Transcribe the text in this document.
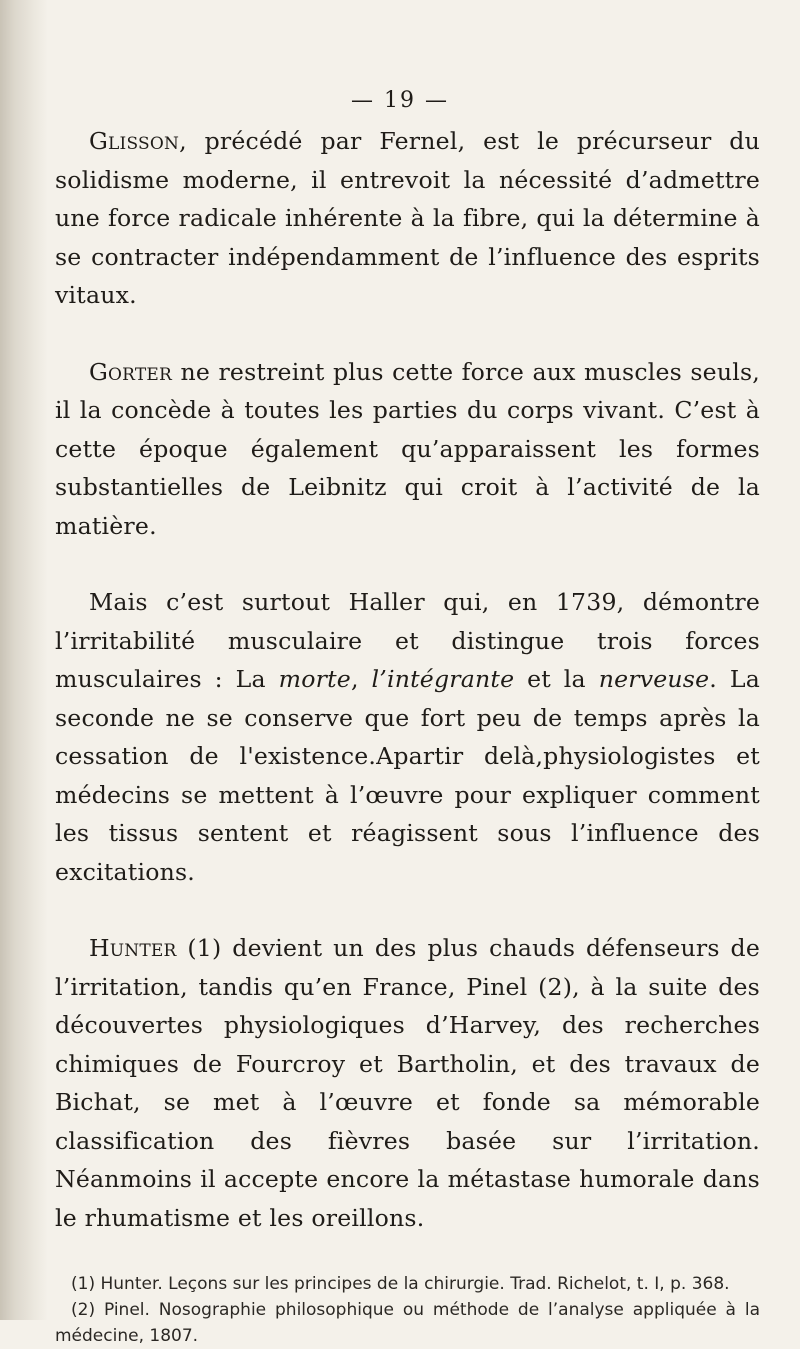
— 19 —

Glisson, précédé par Fernel, est le précurseur du solidisme moderne, il entrevoit la nécessité d’admettre une force radicale inhérente à la fibre, qui la détermine à se contracter indépendamment de l’influence des esprits vitaux.

Gorter ne restreint plus cette force aux muscles seuls, il la concède à toutes les parties du corps vivant. C’est à cette époque également qu’apparaissent les formes substantielles de Leibnitz qui croit à l’activité de la matière.

Mais c’est surtout Haller qui, en 1739, démontre l’irritabilité musculaire et distingue trois forces musculaires : La morte, l’intégrante et la nerveuse. La seconde ne se conserve que fort peu de temps après la cessation de l'existence.Apartir delà,physiologistes et médecins se mettent à l’œuvre pour expliquer comment les tissus sentent et réagissent sous l’influence des excitations.

Hunter (1) devient un des plus chauds défenseurs de l’irritation, tandis qu’en France, Pinel (2), à la suite des découvertes physiologiques d’Harvey, des recherches chimiques de Fourcroy et Bartholin, et des travaux de Bichat, se met à l’œuvre et fonde sa mémorable classification des fièvres basée sur l’irritation. Néanmoins il accepte encore la métastase humorale dans le rhumatisme et les oreillons.

(1) Hunter. Leçons sur les principes de la chirurgie. Trad. Richelot, t. I, p. 368.

(2) Pinel. Nosographie philosophique ou méthode de l’analyse appliquée à la médecine, 1807.
